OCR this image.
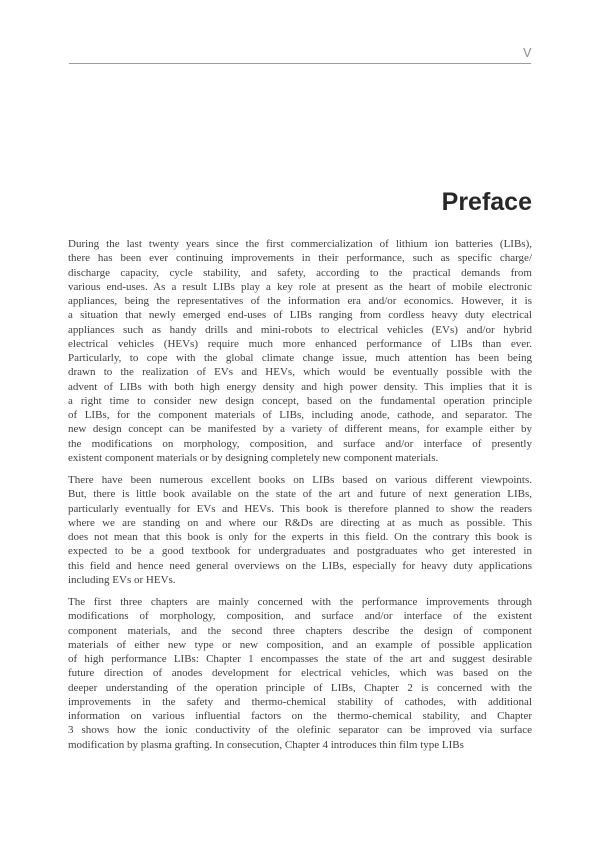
V
Preface
During the last twenty years since the first commercialization of lithium ion batteries (LIBs),
there has been ever continuing improvements in their performance, such as specific charge/
discharge capacity, cycle stability, and safety, according to the practical demands from
various end-uses. As a result LIBs play a key role at present as the heart of mobile electronic
appliances, being the representatives of the information era and/or economics. However, it is
a situation that newly emerged end-uses of LIBs ranging from cordless heavy duty electrical
appliances such as handy drills and mini-robots to electrical vehicles (EVs) and/or hybrid
electrical vehicles (HEVs) require much more enhanced performance of LIBs than ever.
Particularly, to cope with the global climate change issue, much attention has been being
drawn to the realization of EVs and HEVs, which would be eventually possible with the
advent of LIBs with both high energy density and high power density. This implies that it is
a right time to consider new design concept, based on the fundamental operation principle
of LIBs, for the component materials of LIBs, including anode, cathode, and separator. The
new design concept can be manifested by a variety of different means, for example either by
the modifications on morphology, composition, and surface and/or interface of presently
existent component materials or by designing completely new component materials.
There have been numerous excellent books on LIBs based on various different viewpoints.
But, there is little book available on the state of the art and future of next generation LIBs,
particularly eventually for EVs and HEVs. This book is therefore planned to show the readers
where we are standing on and where our R&Ds are directing at as much as possible. This
does not mean that this book is only for the experts in this field. On the contrary this book is
expected to be a good textbook for undergraduates and postgraduates who get interested in
this field and hence need general overviews on the LIBs, especially for heavy duty applications
including EVs or HEVs.
The first three chapters are mainly concerned with the performance improvements through
modifications of morphology, composition, and surface and/or interface of the existent
component materials, and the second three chapters describe the design of component
materials of either new type or new composition, and an example of possible application
of high performance LIBs: Chapter 1 encompasses the state of the art and suggest desirable
future direction of anodes development for electrical vehicles, which was based on the
deeper understanding of the operation principle of LIBs, Chapter 2 is concerned with the
improvements in the safety and thermo-chemical stability of cathodes, with additional
information on various influential factors on the thermo-chemical stability, and Chapter
3 shows how the ionic conductivity of the olefinic separator can be improved via surface
modification by plasma grafting. In consecution, Chapter 4 introduces thin film type LIBs
